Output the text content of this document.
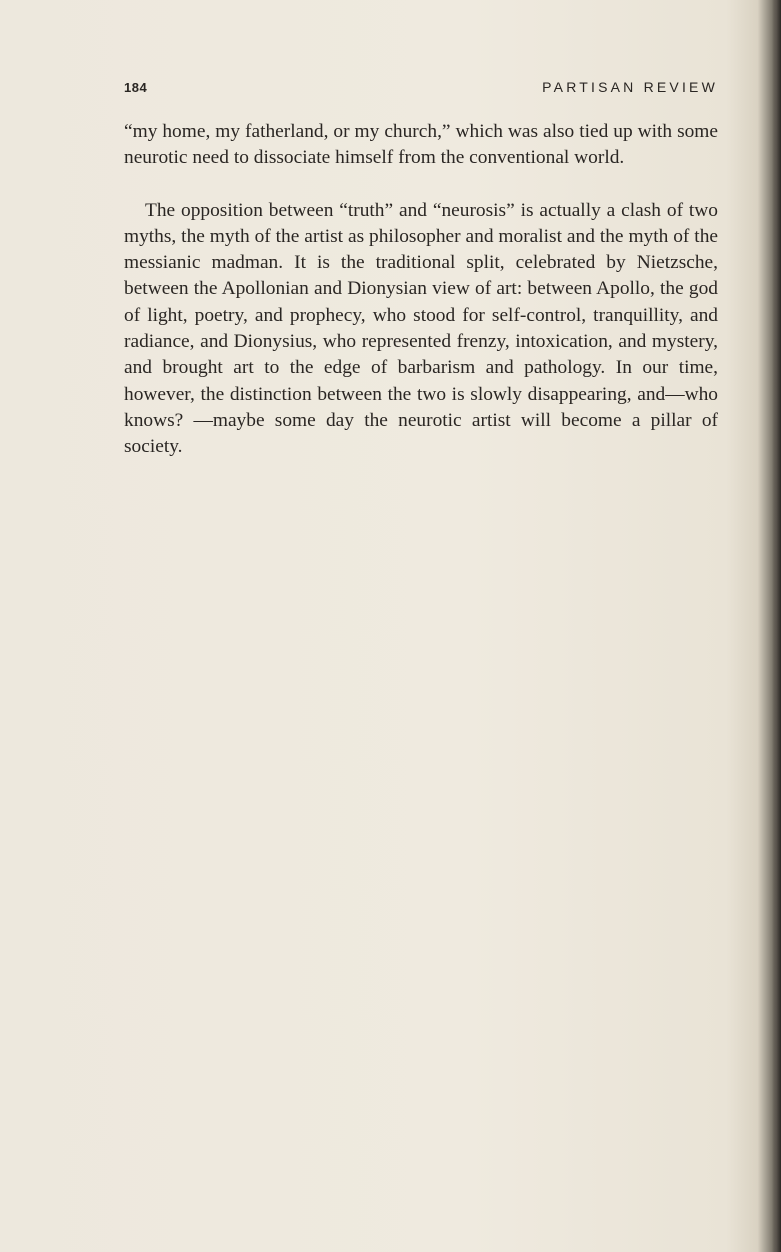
184	PARTISAN REVIEW

“my home, my fatherland, or my church,” which was also tied up with some neurotic need to dissociate himself from the conventional world.

The opposition between “truth” and “neurosis” is actually a clash of two myths, the myth of the artist as philosopher and moralist and the myth of the messianic madman. It is the traditional split, celebrated by Nietzsche, between the Apollonian and Dionysian view of art: between Apollo, the god of light, poetry, and prophecy, who stood for self-control, tranquillity, and radiance, and Dionysius, who represented frenzy, intoxication, and mystery, and brought art to the edge of barbarism and pathology. In our time, however, the distinction between the two is slowly disappearing, and—who knows? —maybe some day the neurotic artist will become a pillar of society.
